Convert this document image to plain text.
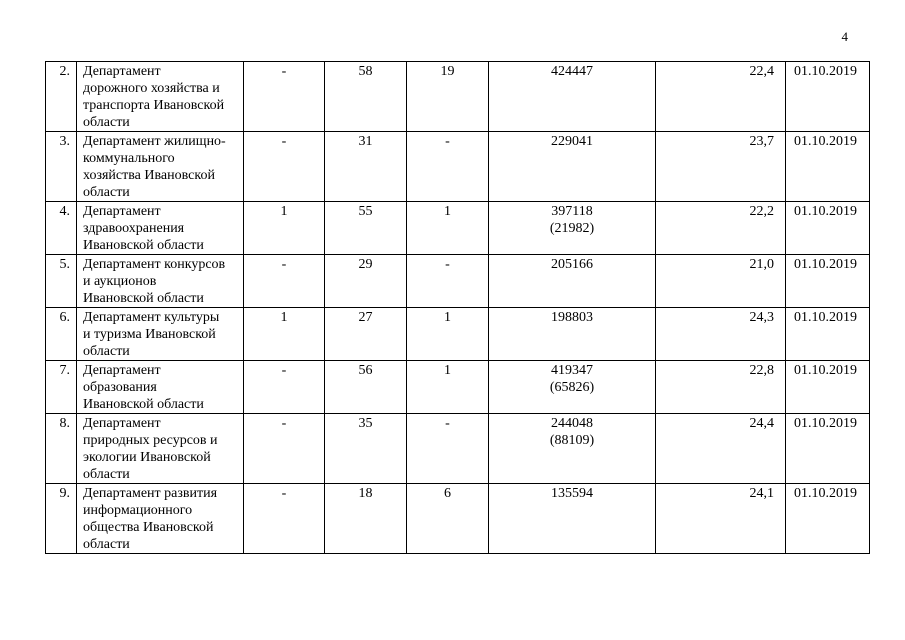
4
2.	Департамент
дорожного хозяйства и
транспорта Ивановской
области	-	58	19	424447	22,4	01.10.2019
3.	Департамент жилищно-
коммунального
хозяйства Ивановской
области	-	31	-	229041	23,7	01.10.2019
4.	Департамент
здравоохранения
Ивановской области	1	55	1	397118
(21982)	22,2	01.10.2019
5.	Департамент конкурсов
и аукционов
Ивановской области	-	29	-	205166	21,0	01.10.2019
6.	Департамент культуры
и туризма Ивановской
области	1	27	1	198803	24,3	01.10.2019
7.	Департамент
образования
Ивановской области	-	56	1	419347
(65826)	22,8	01.10.2019
8.	Департамент
природных ресурсов и
экологии Ивановской
области	-	35	-	244048
(88109)	24,4	01.10.2019
9.	Департамент развития
информационного
общества Ивановской
области	-	18	6	135594	24,1	01.10.2019
